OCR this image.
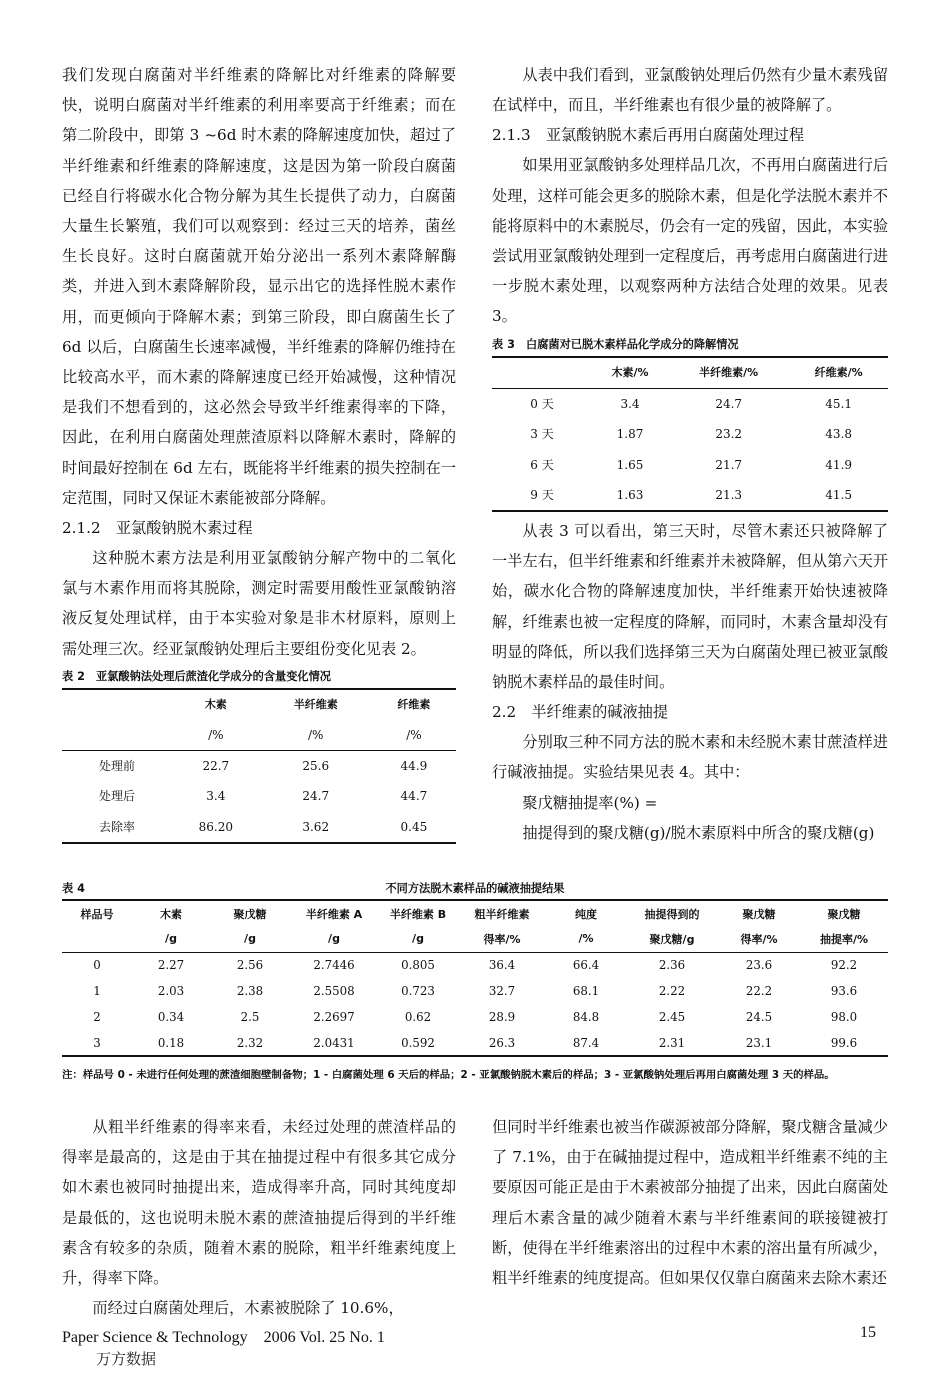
我们发现白腐菌对半纤维素的降解比对纤维素的降解要快，说明白腐菌对半纤维素的利用率要高于纤维素；而在第二阶段中，即第 3 ~6d 时木素的降解速度加快，超过了半纤维素和纤维素的降解速度，这是因为第一阶段白腐菌已经自行将碳水化合物分解为其生长提供了动力，白腐菌大量生长繁殖，我们可以观察到：经过三天的培养，菌丝生长良好。这时白腐菌就开始分泌出一系列木素降解酶类，并进入到木素降解阶段，显示出它的选择性脱木素作用，而更倾向于降解木素；到第三阶段，即白腐菌生长了 6d 以后，白腐菌生长速率减慢，半纤维素的降解仍维持在比较高水平，而木素的降解速度已经开始减慢，这种情况是我们不想看到的，这必然会导致半纤维素得率的下降，因此，在利用白腐菌处理蔗渣原料以降解木素时，降解的时间最好控制在 6d 左右，既能将半纤维素的损失控制在一定范围，同时又保证木素能被部分降解。

2.1.2　亚氯酸钠脱木素过程

这种脱木素方法是利用亚氯酸钠分解产物中的二氧化氯与木素作用而将其脱除，测定时需要用酸性亚氯酸钠溶液反复处理试样，由于本实验对象是非木材原料，原则上需处理三次。经亚氯酸钠处理后主要组份变化见表 2。

表 2　亚氯酸钠法处理后蔗渣化学成分的含量变化情况
	木素	半纤维素	纤维素
	/%	/%	/%
处理前	22.7	25.6	44.9
处理后	3.4	24.7	44.7
去除率	86.20	3.62	0.45

从表中我们看到，亚氯酸钠处理后仍然有少量木素残留在试样中，而且，半纤维素也有很少量的被降解了。

2.1.3　亚氯酸钠脱木素后再用白腐菌处理过程

如果用亚氯酸钠多处理样品几次，不再用白腐菌进行后处理，这样可能会更多的脱除木素，但是化学法脱木素并不能将原料中的木素脱尽，仍会有一定的残留，因此，本实验尝试用亚氯酸钠处理到一定程度后，再考虑用白腐菌进行进一步脱木素处理，以观察两种方法结合处理的效果。见表 3。

表 3　白腐菌对已脱木素样品化学成分的降解情况
	木素/%	半纤维素/%	纤维素/%
0 天	3.4	24.7	45.1
3 天	1.87	23.2	43.8
6 天	1.65	21.7	41.9
9 天	1.63	21.3	41.5

从表 3 可以看出，第三天时，尽管木素还只被降解了一半左右，但半纤维素和纤维素并未被降解，但从第六天开始，碳水化合物的降解速度加快，半纤维素开始快速被降解，纤维素也被一定程度的降解，而同时，木素含量却没有明显的降低，所以我们选择第三天为白腐菌处理已被亚氯酸钠脱木素样品的最佳时间。

2.2　半纤维素的碱液抽提

分别取三种不同方法的脱木素和未经脱木素甘蔗渣样进行碱液抽提。实验结果见表 4。其中：

聚戊糖抽提率(%) =

抽提得到的聚戊糖(g)/脱木素原料中所含的聚戊糖(g)

表 4	不同方法脱木素样品的碱液抽提结果
样品号	木素	聚戊糖	半纤维素 A	半纤维素 B	粗半纤维素	纯度	抽提得到的	聚戊糖	聚戊糖
	/g	/g	/g	/g	得率/%	/%	聚戊糖/g	得率/%	抽提率/%
0	2.27	2.56	2.7446	0.805	36.4	66.4	2.36	23.6	92.2
1	2.03	2.38	2.5508	0.723	32.7	68.1	2.22	22.2	93.6
2	0.34	2.5	2.2697	0.62	28.9	84.8	2.45	24.5	98.0
3	0.18	2.32	2.0431	0.592	26.3	87.4	2.31	23.1	99.6
注：样品号 0 - 未进行任何处理的蔗渣细胞壁制备物；1 - 白腐菌处理 6 天后的样品；2 - 亚氯酸钠脱木素后的样品；3 - 亚氯酸钠处理后再用白腐菌处理 3 天的样品。

从粗半纤维素的得率来看，未经过处理的蔗渣样品的得率是最高的，这是由于其在抽提过程中有很多其它成分如木素也被同时抽提出来，造成得率升高，同时其纯度却是最低的，这也说明未脱木素的蔗渣抽提后得到的半纤维素含有较多的杂质，随着木素的脱除，粗半纤维素纯度上升，得率下降。

而经过白腐菌处理后，木素被脱除了 10.6%，

但同时半纤维素也被当作碳源被部分降解，聚戊糖含量减少了 7.1%，由于在碱抽提过程中，造成粗半纤维素不纯的主要原因可能正是由于木素被部分抽提了出来，因此白腐菌处理后木素含量的减少随着木素与半纤维素间的联接键被打断，使得在半纤维素溶出的过程中木素的溶出量有所减少，粗半纤维素的纯度提高。但如果仅仅靠白腐菌来去除木素还

Paper Science & Technology　2006 Vol. 25 No. 1	15
万方数据
